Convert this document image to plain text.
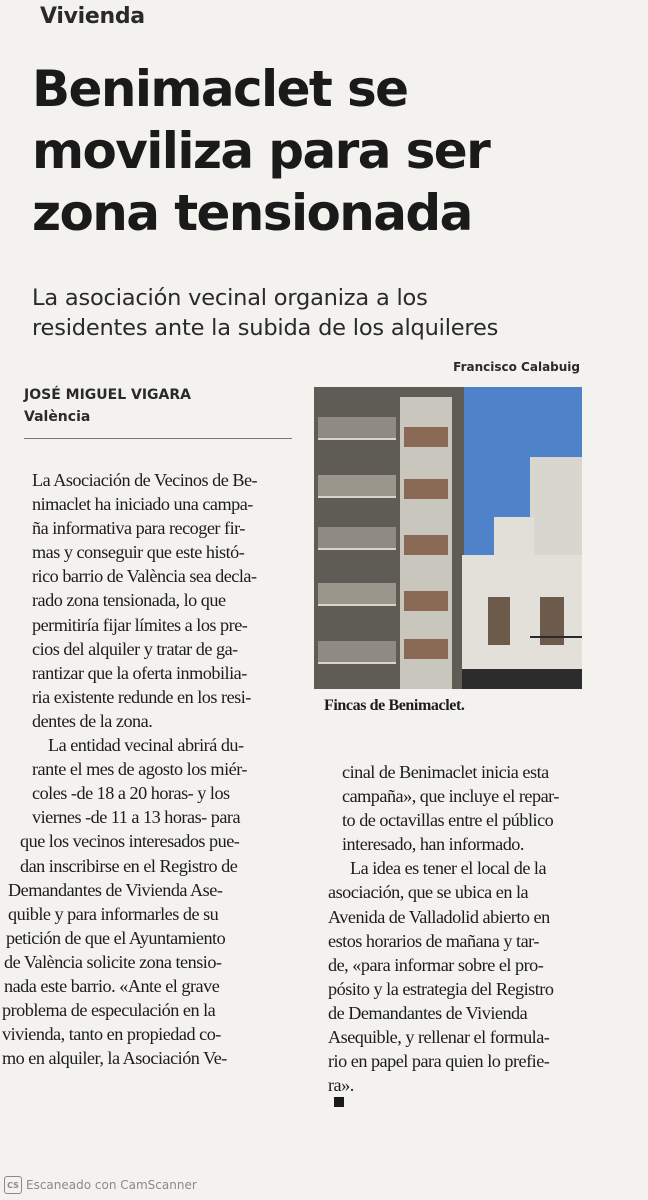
Vivienda
Benimaclet se
moviliza para ser
zona tensionada
La asociación vecinal organiza a los
residentes ante la subida de los alquileres
Francisco Calabuig
JOSÉ MIGUEL VIGARA
València
La Asociación de Vecinos de Be-
nimaclet ha iniciado una campa-
ña informativa para recoger fir-
mas y conseguir que este histó-
rico barrio de València sea decla-
rado zona tensionada, lo que
permitiría fijar límites a los pre-
cios del alquiler y tratar de ga-
rantizar que la oferta inmobilia-
ria existente redunde en los resi-
dentes de la zona.
La entidad vecinal abrirá du-
rante el mes de agosto los miér-
coles -de 18 a 20 horas- y los
viernes -de 11 a 13 horas- para
que los vecinos interesados pue-
dan inscribirse en el Registro de
Demandantes de Vivienda Ase-
quible y para informarles de su
petición de que el Ayuntamiento
de València solicite zona tensio-
nada este barrio. «Ante el grave
problema de especulación en la
vivienda, tanto en propiedad co-
mo en alquiler, la Asociación Ve-
Fincas de Benimaclet.
cinal de Benimaclet inicia esta
campaña», que incluye el repar-
to de octavillas entre el público
interesado, han informado.
La idea es tener el local de la
asociación, que se ubica en la
Avenida de Valladolid abierto en
estos horarios de mañana y tar-
de, «para informar sobre el pro-
pósito y la estrategia del Registro
de Demandantes de Vivienda
Asequible, y rellenar el formula-
rio en papel para quien lo prefie-
ra».
CS Escaneado con CamScanner
